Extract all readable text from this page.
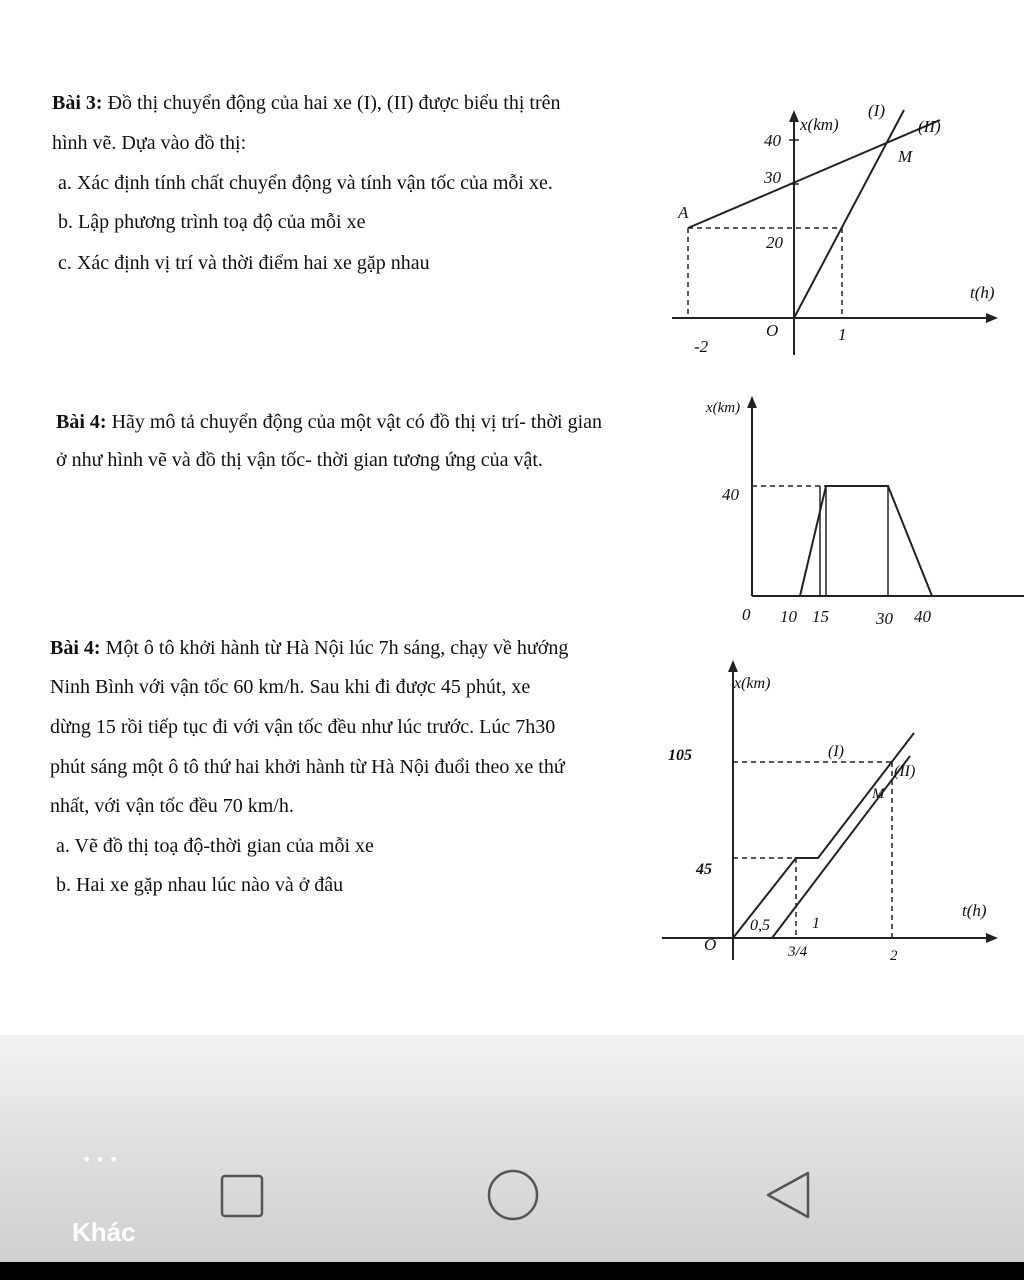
Bài 3: Đồ thị chuyển động của hai xe (I), (II) được biểu thị trên
hình vẽ. Dựa vào đồ thị:
a. Xác định tính chất chuyển động và tính vận tốc của mỗi xe.
b. Lập phương trình toạ độ của mỗi xe
c. Xác định vị trí và thời điểm hai xe gặp nhau
x(km)
t(h)
O
40
30
20
-2
1
A
M
(I)
(II)
Bài 4: Hãy mô tả chuyển động của một vật có đồ thị vị trí- thời gian
ở như hình vẽ và đồ thị vận tốc- thời gian tương ứng của vật.
x(km)
40
0 10 15	30 40
Bài 4: Một ô tô khởi hành từ Hà Nội lúc 7h sáng, chạy về hướng
Ninh Bình với vận tốc 60 km/h. Sau khi đi được 45 phút, xe
dừng 15 rồi tiếp tục đi với vận tốc đều như lúc trước. Lúc 7h30
phút sáng một ô tô thứ hai khởi hành từ Hà Nội đuổi theo xe thứ
nhất, với vận tốc đều 70 km/h.
a. Vẽ đồ thị toạ độ-thời gian của mỗi xe
b. Hai xe gặp nhau lúc nào và ở đâu
x(km)
t(h)
O
105
45
0,5	1
3/4	2
(I)
(II)
M
•••
Khác
